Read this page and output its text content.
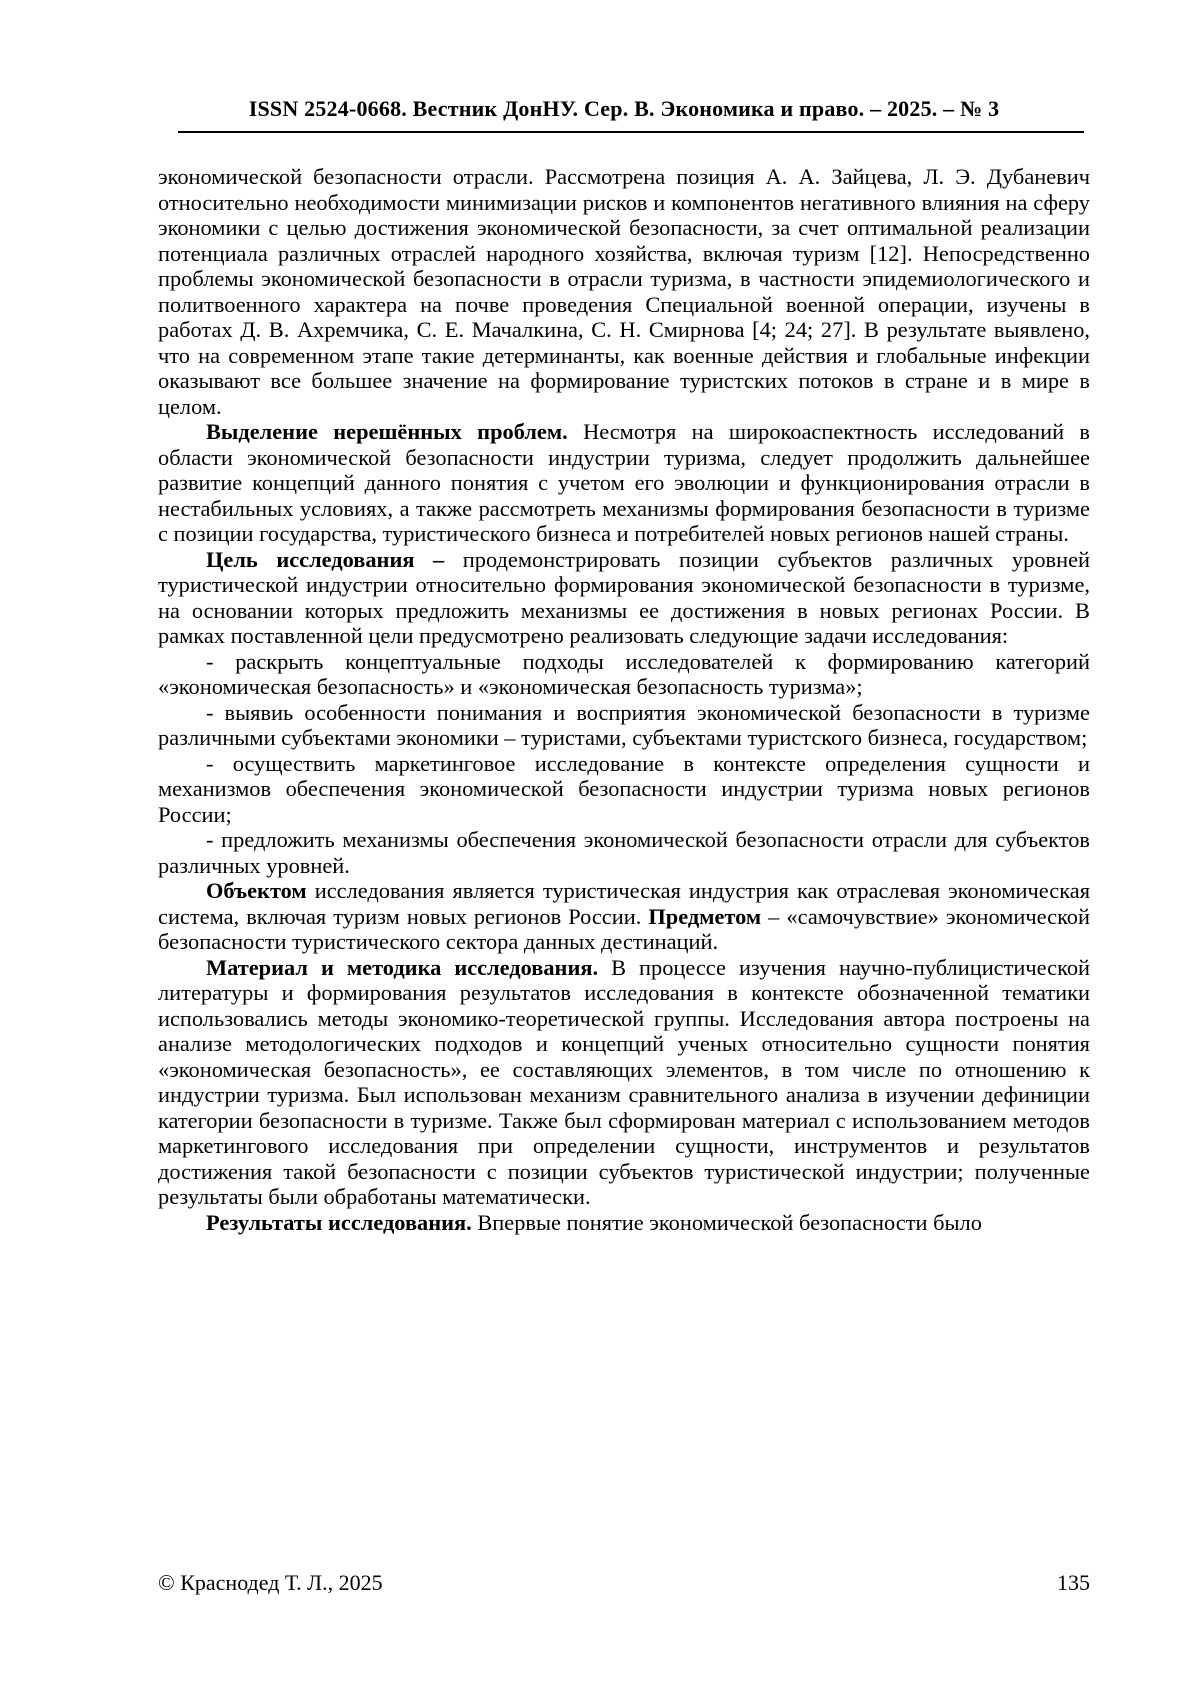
ISSN 2524-0668. Вестник ДонНУ. Сер. В. Экономика и право. – 2025. – № 3

экономической безопасности отрасли. Рассмотрена позиция А. А. Зайцева, Л. Э. Дубаневич относительно необходимости минимизации рисков и компонентов негативного влияния на сферу экономики с целью достижения экономической безопасности, за счет оптимальной реализации потенциала различных отраслей народного хозяйства, включая туризм [12]. Непосредственно проблемы экономической безопасности в отрасли туризма, в частности эпидемиологического и политвоенного характера на почве проведения Специальной военной операции, изучены в работах Д. В. Ахремчика, С. Е. Мачалкина, С. Н. Смирнова [4; 24; 27]. В результате выявлено, что на современном этапе такие детерминанты, как военные действия и глобальные инфекции оказывают все большее значение на формирование туристских потоков в стране и в мире в целом.

Выделение нерешённых проблем. Несмотря на широкоаспектность исследований в области экономической безопасности индустрии туризма, следует продолжить дальнейшее развитие концепций данного понятия с учетом его эволюции и функционирования отрасли в нестабильных условиях, а также рассмотреть механизмы формирования безопасности в туризме с позиции государства, туристического бизнеса и потребителей новых регионов нашей страны.

Цель исследования – продемонстрировать позиции субъектов различных уровней туристической индустрии относительно формирования экономической безопасности в туризме, на основании которых предложить механизмы ее достижения в новых регионах России. В рамках поставленной цели предусмотрено реализовать следующие задачи исследования:

- раскрыть концептуальные подходы исследователей к формированию категорий «экономическая безопасность» и «экономическая безопасность туризма»;

- выявиь особенности понимания и восприятия экономической безопасности в туризме различными субъектами экономики – туристами, субъектами туристского бизнеса, государством;

- осуществить маркетинговое исследование в контексте определения сущности и механизмов обеспечения экономической безопасности индустрии туризма новых регионов России;

- предложить механизмы обеспечения экономической безопасности отрасли для субъектов различных уровней.

Объектом исследования является туристическая индустрия как отраслевая экономическая система, включая туризм новых регионов России. Предметом – «самочувствие» экономической безопасности туристического сектора данных дестинаций.

Материал и методика исследования. В процессе изучения научно-публицистической литературы и формирования результатов исследования в контексте обозначенной тематики использовались методы экономико-теоретической группы. Исследования автора построены на анализе методологических подходов и концепций ученых относительно сущности понятия «экономическая безопасность», ее составляющих элементов, в том числе по отношению к индустрии туризма. Был использован механизм сравнительного анализа в изучении дефиниции категории безопасности в туризме. Также был сформирован материал с использованием методов маркетингового исследования при определении сущности, инструментов и результатов достижения такой безопасности с позиции субъектов туристической индустрии; полученные результаты были обработаны математически.

Результаты исследования. Впервые понятие экономической безопасности было

© Краснодед Т. Л., 2025	135
